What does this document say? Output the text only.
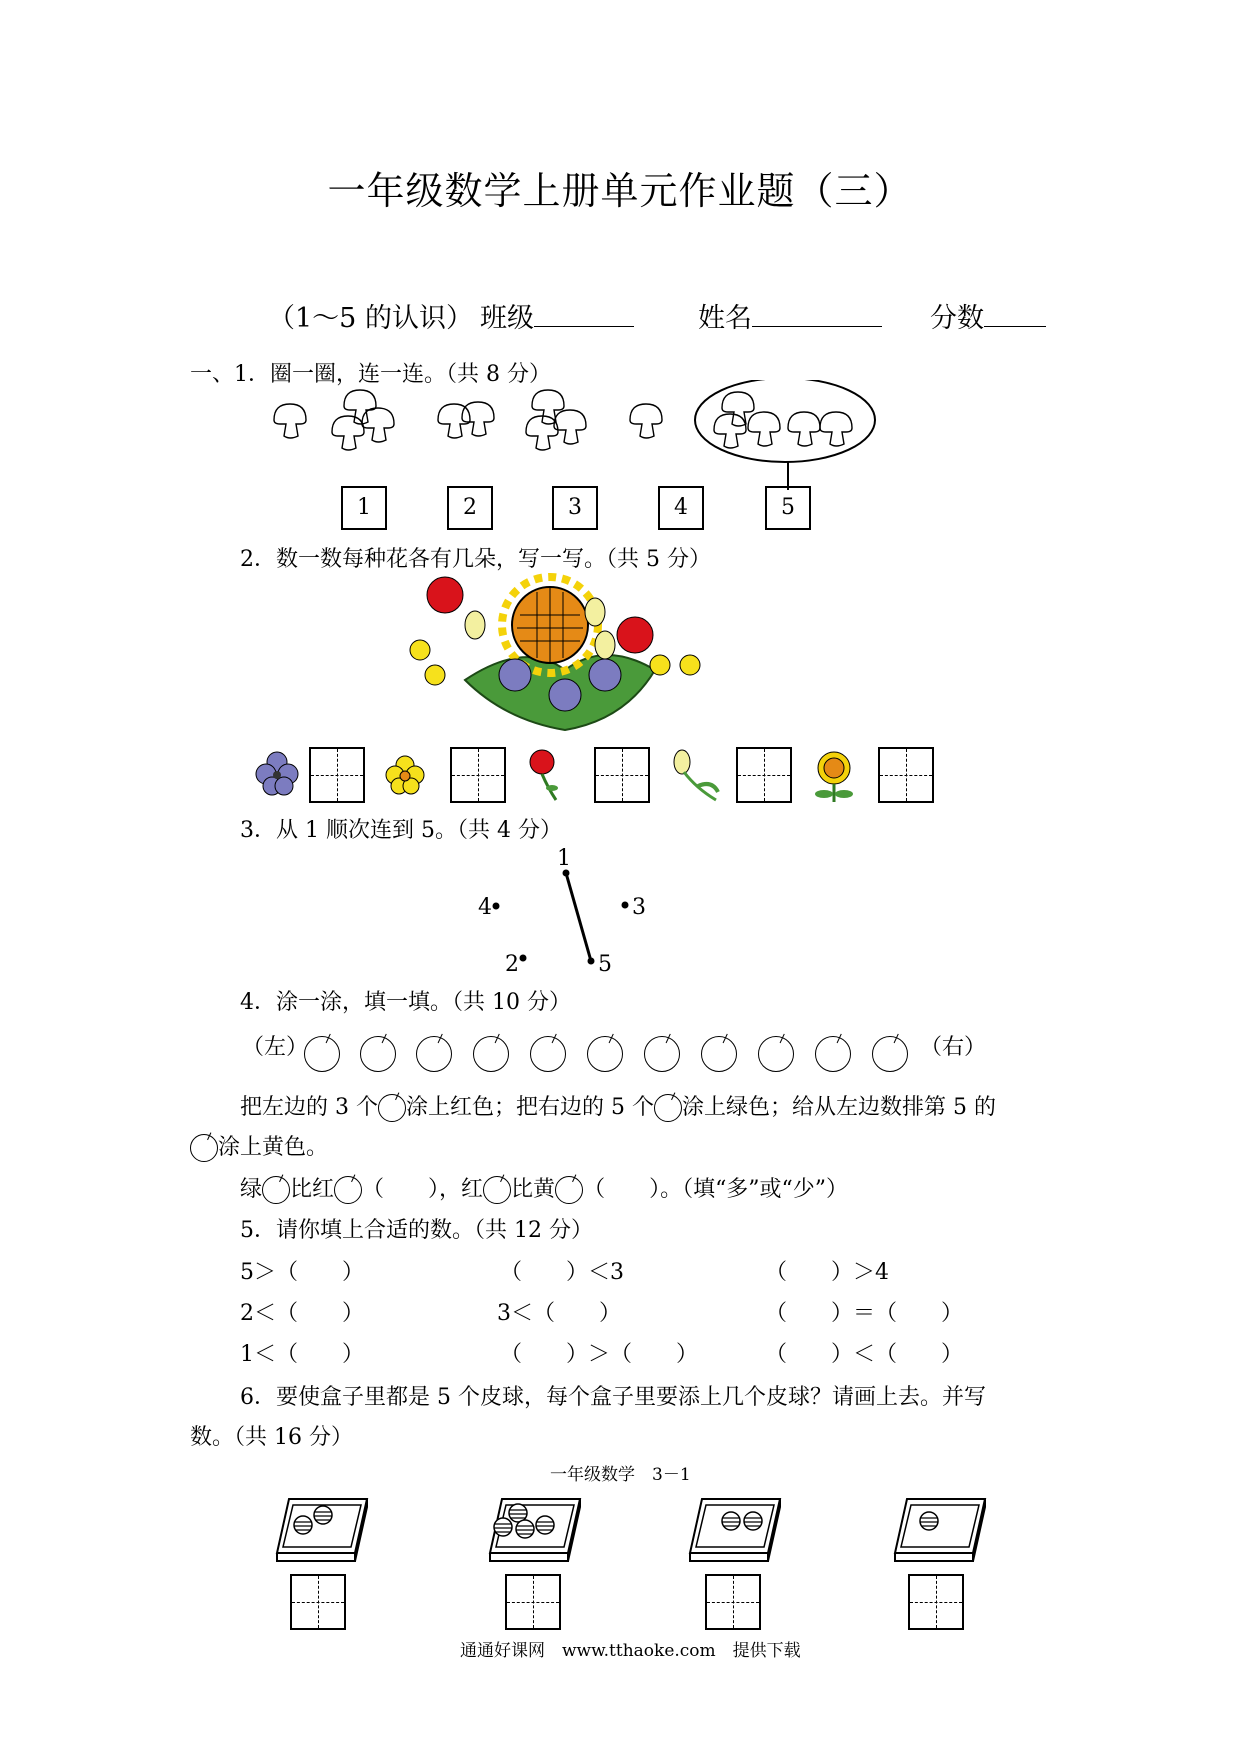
一年级数学上册单元作业题（三）
（1～5 的认识） 班级	姓名	分数
一、1．圈一圈，连一连。（共 8 分）
1	2	3	4	5
2．数一数每种花各有几朵，写一写。（共 5 分）
3．从 1 顺次连到 5。（共 4 分）
1
4	3
2	5
4．涂一涂，填一填。（共 10 分）
（左）	（右）
把左边的 3 个 涂上红色；把右边的 5 个 涂上绿色；给从左边数排第 5 的
涂上黄色。
绿 比红 （　　），红 比黄 （　　）。（填“多”或“少”）
5．请你填上合适的数。（共 12 分）
5＞（　　）	（　　）＜3	（　　）＞4
2＜（　　）	3＜（　　）	（　　）＝（　　）
1＜（　　）	（　　）＞（　　）	（　　）＜（　　）
6．要使盒子里都是 5 个皮球，每个盒子里要添上几个皮球？请画上去。并写
数。（共 16 分）
一年级数学　3－1
通通好课网　www.tthaoke.com　提供下载
